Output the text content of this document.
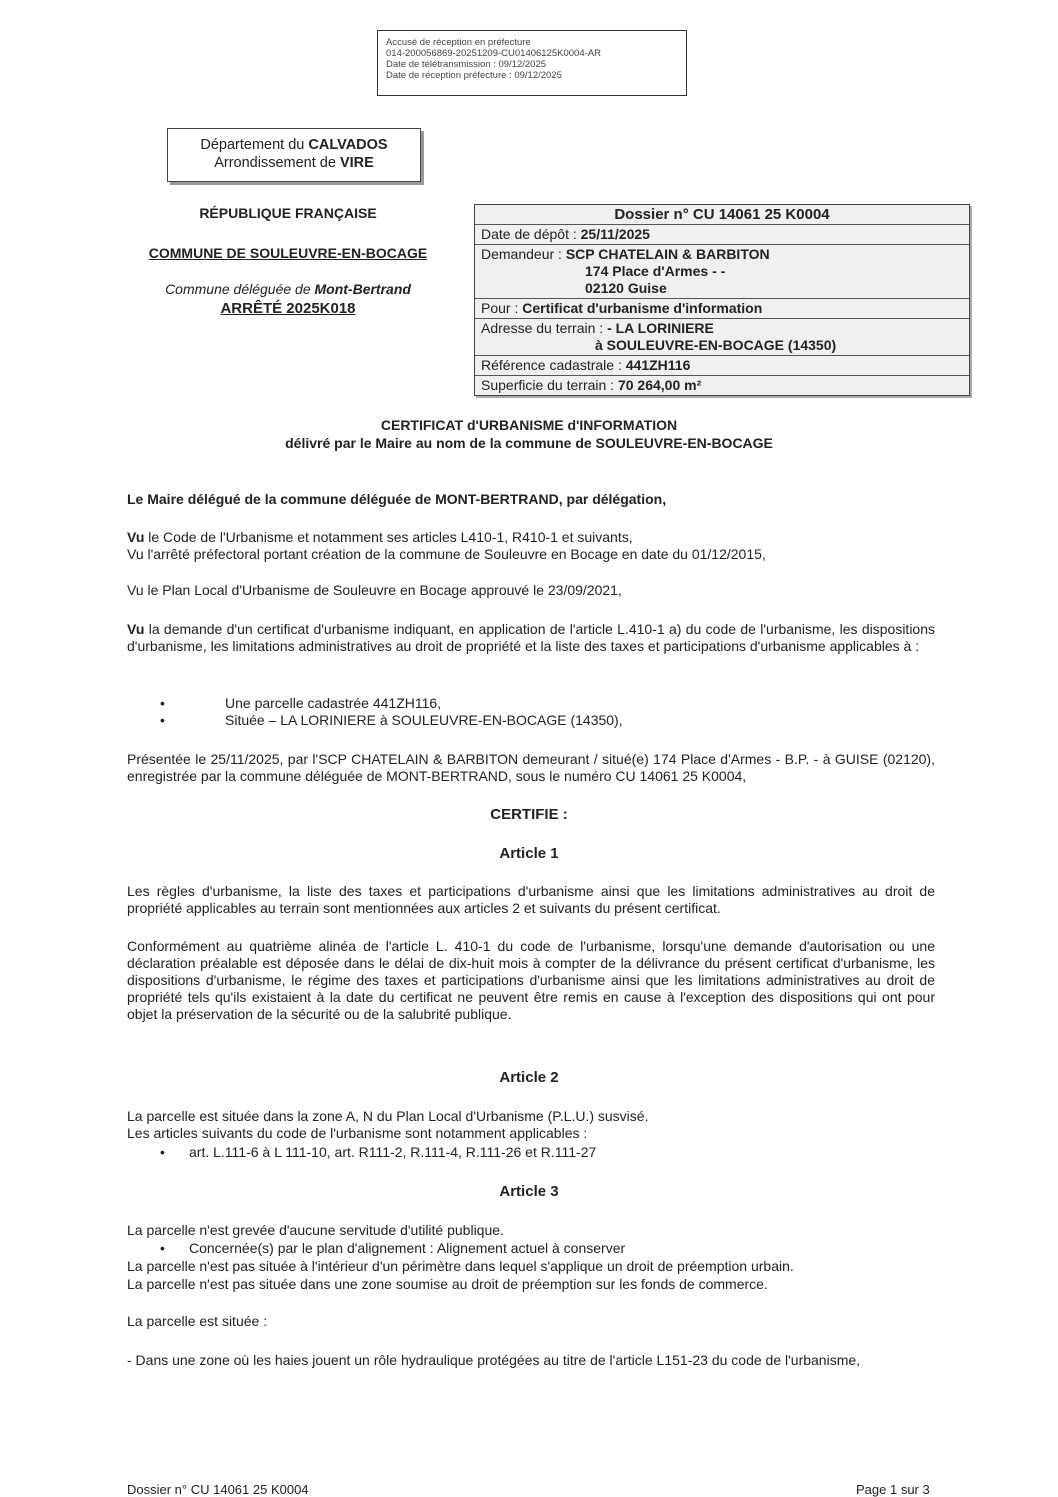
Accusé de réception en préfecture
014-200056869-20251209-CU01406125K0004-AR
Date de télétransmission : 09/12/2025
Date de réception préfecture : 09/12/2025
Département du CALVADOS
Arrondissement de VIRE
RÉPUBLIQUE FRANÇAISE
COMMUNE DE SOULEUVRE-EN-BOCAGE
Commune déléguée de Mont-Bertrand
ARRÊTÉ 2025K018
Dossier n° CU 14061 25 K0004
Date de dépôt : 25/11/2025
Demandeur : SCP CHATELAIN & BARBITON
174 Place d'Armes - -
02120 Guise
Pour : Certificat d'urbanisme d'information
Adresse du terrain : - LA LORINIERE
à SOULEUVRE-EN-BOCAGE (14350)
Référence cadastrale : 441ZH116
Superficie du terrain : 70 264,00 m²
CERTIFICAT d'URBANISME d'INFORMATION
délivré par le Maire au nom de la commune de SOULEUVRE-EN-BOCAGE
Le Maire délégué de la commune déléguée de MONT-BERTRAND, par délégation,
Vu le Code de l'Urbanisme et notamment ses articles L410-1, R410-1 et suivants,
Vu l'arrêté préfectoral portant création de la commune de Souleuvre en Bocage en date du 01/12/2015,
Vu le Plan Local d'Urbanisme de Souleuvre en Bocage approuvé le 23/09/2021,
Vu la demande d'un certificat d'urbanisme indiquant, en application de l'article L.410-1 a) du code de l'urbanisme, les dispositions d'urbanisme, les limitations administratives au droit de propriété et la liste des taxes et participations d'urbanisme applicables à :
•	Une parcelle cadastrée 441ZH116,
•	Située – LA LORINIERE à SOULEUVRE-EN-BOCAGE (14350),
Présentée le 25/11/2025, par l'SCP CHATELAIN & BARBITON demeurant / situé(e) 174 Place d'Armes - B.P. - à GUISE (02120), enregistrée par la commune déléguée de MONT-BERTRAND, sous le numéro CU 14061 25 K0004,
CERTIFIE :
Article 1
Les règles d'urbanisme, la liste des taxes et participations d'urbanisme ainsi que les limitations administratives au droit de propriété applicables au terrain sont mentionnées aux articles 2 et suivants du présent certificat.
Conformément au quatrième alinéa de l'article L. 410-1 du code de l'urbanisme, lorsqu'une demande d'autorisation ou une déclaration préalable est déposée dans le délai de dix-huit mois à compter de la délivrance du présent certificat d'urbanisme, les dispositions d'urbanisme, le régime des taxes et participations d'urbanisme ainsi que les limitations administratives au droit de propriété tels qu'ils existaient à la date du certificat ne peuvent être remis en cause à l'exception des dispositions qui ont pour objet la préservation de la sécurité ou de la salubrité publique.
Article 2
La parcelle est située dans la zone A, N du Plan Local d'Urbanisme (P.L.U.) susvisé.
Les articles suivants du code de l'urbanisme sont notamment applicables :
• art. L.111-6 à L 111-10, art. R111-2, R.111-4, R.111-26 et R.111-27
Article 3
La parcelle n'est grevée d'aucune servitude d'utilité publique.
• Concernée(s) par le plan d'alignement : Alignement actuel à conserver
La parcelle n'est pas située à l'intérieur d'un périmètre dans lequel s'applique un droit de préemption urbain.
La parcelle n'est pas située dans une zone soumise au droit de préemption sur les fonds de commerce.
La parcelle est située :
- Dans une zone où les haies jouent un rôle hydraulique protégées au titre de l'article L151-23 du code de l'urbanisme,
Dossier n° CU 14061 25 K0004	Page 1 sur 3
